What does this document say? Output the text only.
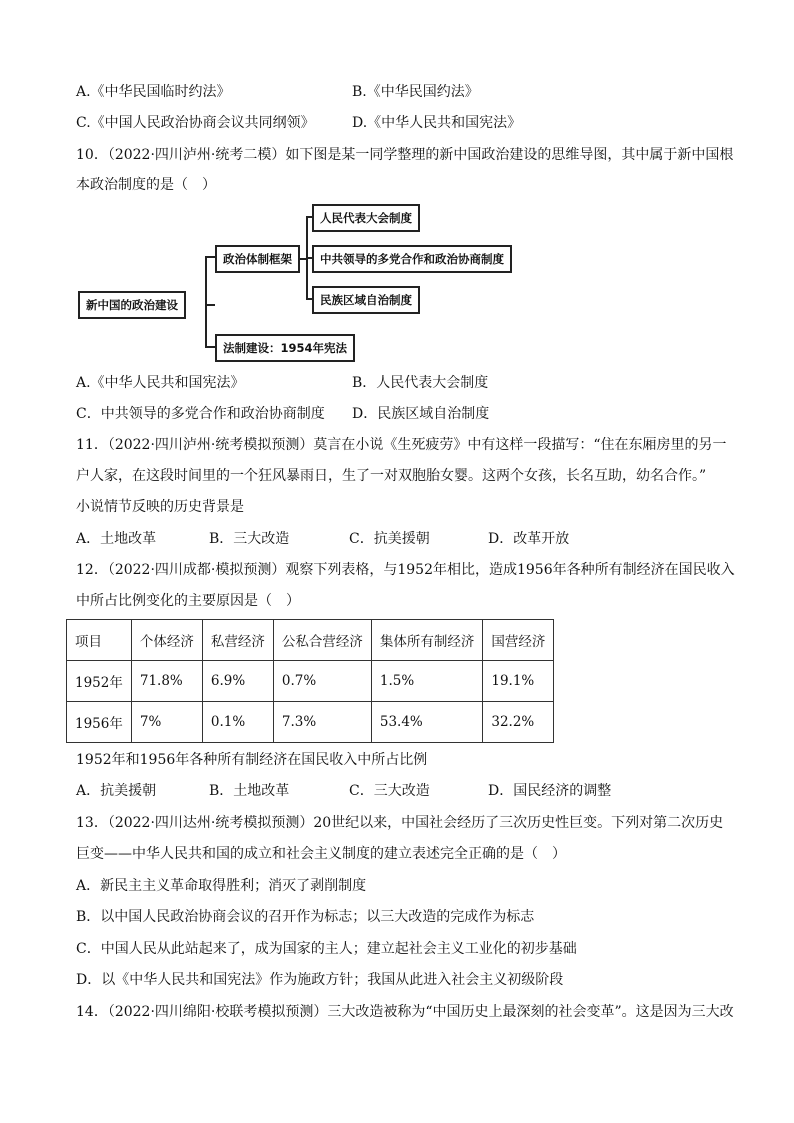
A.《中华民国临时约法》	B.《中华民国约法》
C.《中国人民政治协商会议共同纲领》	D.《中华人民共和国宪法》
10．（2022·四川泸州·统考二模）如下图是某一同学整理的新中国政治建设的思维导图，其中属于新中国根
本政治制度的是（　）
新中国的政治建设
政治体制框架
人民代表大会制度
中共领导的多党合作和政治协商制度
民族区域自治制度
法制建设：1954年宪法
A.《中华人民共和国宪法》	B．人民代表大会制度
C．中共领导的多党合作和政治协商制度 D．民族区域自治制度
11．（2022·四川泸州·统考模拟预测）莫言在小说《生死疲劳》中有这样一段描写：“住在东厢房里的另一
户人家，在这段时间里的一个狂风暴雨日，生了一对双胞胎女婴。这两个女孩，长名互助，幼名合作。”
小说情节反映的历史背景是
A．土地改革	B．三大改造	C．抗美援朝	D．改革开放
12．（2022·四川成都·模拟预测）观察下列表格，与1952年相比，造成1956年各种所有制经济在国民收入
中所占比例变化的主要原因是（　）
项目	个体经济	私营经济	公私合营经济	集体所有制经济	国营经济
1952年	71.8%	6.9%	0.7%	1.5%	19.1%
1956年	7%	0.1%	7.3%	53.4%	32.2%
1952年和1956年各种所有制经济在国民收入中所占比例
A．抗美援朝	B．土地改革	C．三大改造	D．国民经济的调整
13．（2022·四川达州·统考模拟预测）20世纪以来，中国社会经历了三次历史性巨变。下列对第二次历史
巨变——中华人民共和国的成立和社会主义制度的建立表述完全正确的是（　）
A．新民主主义革命取得胜利；消灭了剥削制度
B．以中国人民政治协商会议的召开作为标志；以三大改造的完成作为标志
C．中国人民从此站起来了，成为国家的主人；建立起社会主义工业化的初步基础
D．以《中华人民共和国宪法》作为施政方针；我国从此进入社会主义初级阶段
14．（2022·四川绵阳·校联考模拟预测）三大改造被称为“中国历史上最深刻的社会变革”。这是因为三大改
